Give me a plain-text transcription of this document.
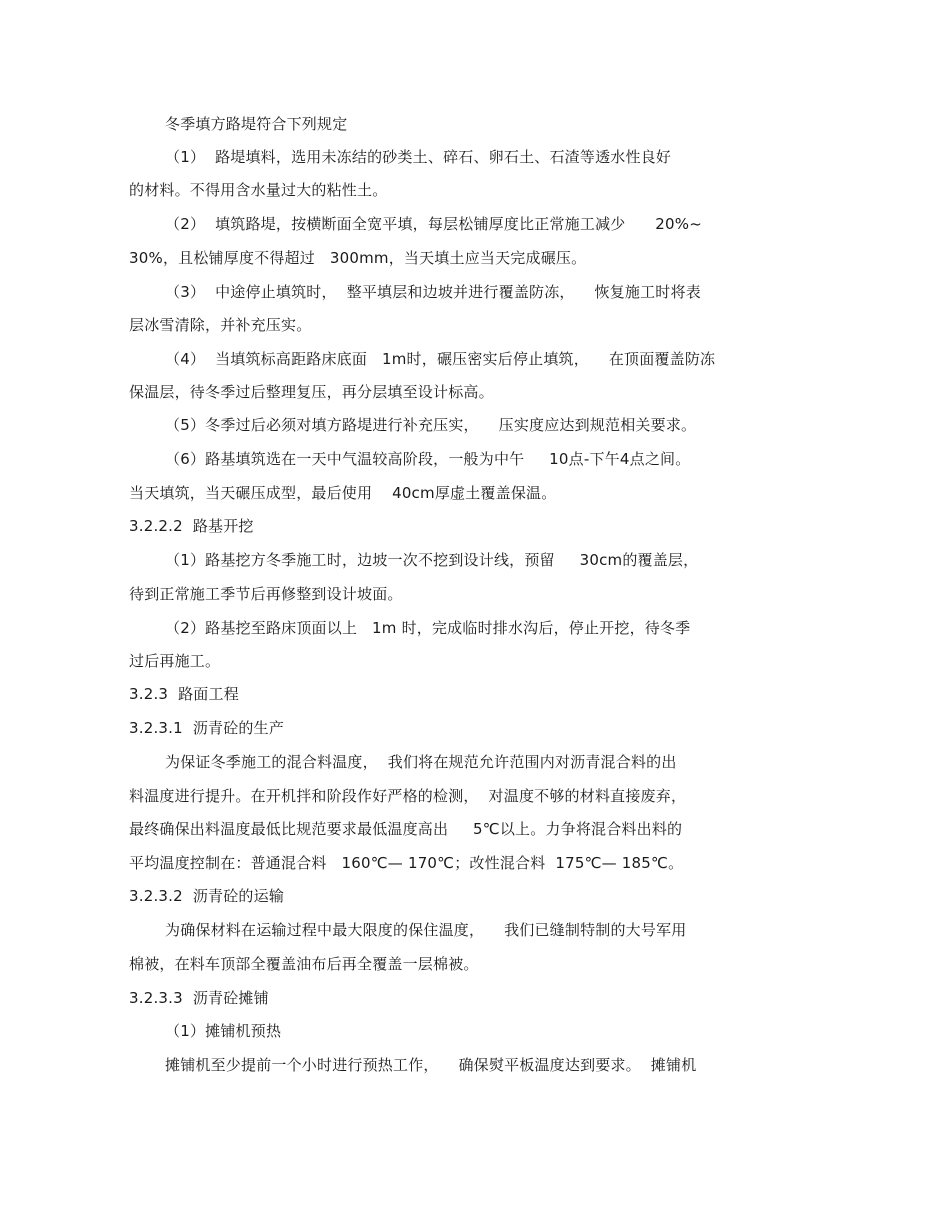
冬季填方路堤符合下列规定
（1）  路堤填料，选用未冻结的砂类土、碎石、卵石土、石渣等透水性良好
的材料。不得用含水量过大的粘性土。
（2）  填筑路堤，按横断面全宽平填，每层松铺厚度比正常施工减少      20%~
30%，且松铺厚度不得超过   300mm，当天填土应当天完成碾压。
（3）  中途停止填筑时，  整平填层和边坡并进行覆盖防冻，    恢复施工时将表
层冰雪清除，并补充压实。
（4）  当填筑标高距路床底面   1m时，碾压密实后停止填筑，    在顶面覆盖防冻
保温层，待冬季过后整理复压，再分层填至设计标高。
（5）冬季过后必须对填方路堤进行补充压实，    压实度应达到规范相关要求。
（6）路基填筑选在一天中气温较高阶段，一般为中午     10点-下午4点之间。
当天填筑，当天碾压成型，最后使用    40cm厚虚土覆盖保温。
3.2.2.2  路基开挖
（1）路基挖方冬季施工时，边坡一次不挖到设计线，预留     30cm的覆盖层，
待到正常施工季节后再修整到设计坡面。
（2）路基挖至路床顶面以上   1m 时，完成临时排水沟后，停止开挖，待冬季
过后再施工。
3.2.3  路面工程
3.2.3.1  沥青砼的生产
为保证冬季施工的混合料温度，  我们将在规范允许范围内对沥青混合料的出
料温度进行提升。在开机拌和阶段作好严格的检测，  对温度不够的材料直接废弃，
最终确保出料温度最低比规范要求最低温度高出     5℃以上。力争将混合料出料的
平均温度控制在：普通混合料   160℃— 170℃；改性混合料  175℃— 185℃。
3.2.3.2  沥青砼的运输
为确保材料在运输过程中最大限度的保住温度，    我们已缝制特制的大号军用
棉被，在料车顶部全覆盖油布后再全覆盖一层棉被。
3.2.3.3  沥青砼摊铺
（1）摊铺机预热
摊铺机至少提前一个小时进行预热工作，    确保熨平板温度达到要求。  摊铺机
